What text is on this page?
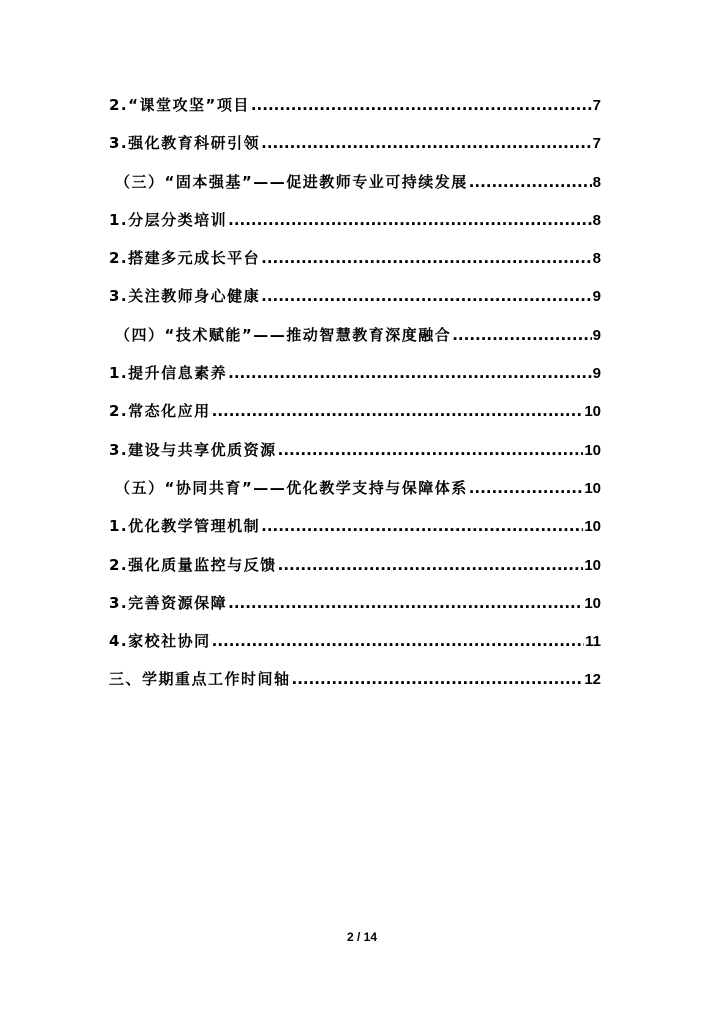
2.“课堂攻坚”项目 .....	7
3.强化教育科研引领 .....	7
（三）“固本强基”——促进教师专业可持续发展 .....	8
1.分层分类培训 .....	8
2.搭建多元成长平台 .....	8
3.关注教师身心健康 .....	9
（四）“技术赋能”——推动智慧教育深度融合 .....	9
1.提升信息素养 .....	9
2.常态化应用 .....	10
3.建设与共享优质资源 .....	10
（五）“协同共育”——优化教学支持与保障体系 .....	10
1.优化教学管理机制 .....	10
2.强化质量监控与反馈 .....	10
3.完善资源保障 .....	10
4.家校社协同 .....	11
三、学期重点工作时间轴 .....	12
2 / 14
